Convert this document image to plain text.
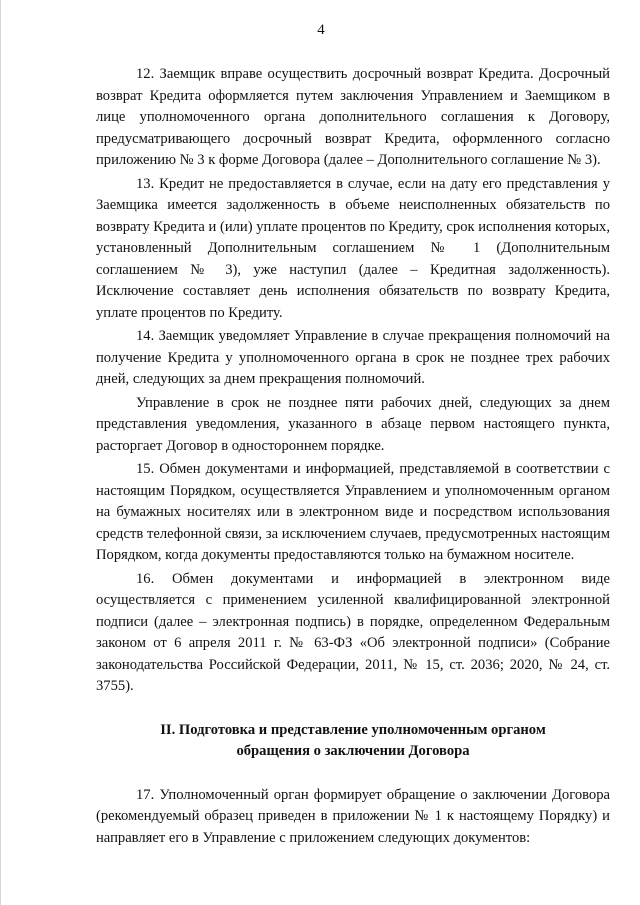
4

12. Заемщик вправе осуществить досрочный возврат Кредита. Досрочный возврат Кредита оформляется путем заключения Управлением и Заемщиком в лице уполномоченного органа дополнительного соглашения к Договору, предусматривающего досрочный возврат Кредита, оформленного согласно приложению № 3 к форме Договора (далее – Дополнительного соглашение № 3).

13. Кредит не предоставляется в случае, если на дату его представления у Заемщика имеется задолженность в объеме неисполненных обязательств по возврату Кредита и (или) уплате процентов по Кредиту, срок исполнения которых, установленный Дополнительным соглашением № 1 (Дополнительным соглашением № 3), уже наступил (далее – Кредитная задолженность). Исключение составляет день исполнения обязательств по возврату Кредита, уплате процентов по Кредиту.

14. Заемщик уведомляет Управление в случае прекращения полномочий на получение Кредита у уполномоченного органа в срок не позднее трех рабочих дней, следующих за днем прекращения полномочий.

Управление в срок не позднее пяти рабочих дней, следующих за днем представления уведомления, указанного в абзаце первом настоящего пункта, расторгает Договор в одностороннем порядке.

15. Обмен документами и информацией, представляемой в соответствии с настоящим Порядком, осуществляется Управлением и уполномоченным органом на бумажных носителях или в электронном виде и посредством использования средств телефонной связи, за исключением случаев, предусмотренных настоящим Порядком, когда документы предоставляются только на бумажном носителе.

16. Обмен документами и информацией в электронном виде осуществляется с применением усиленной квалифицированной электронной подписи (далее – электронная подпись) в порядке, определенном Федеральным законом от 6 апреля 2011 г. № 63-ФЗ «Об электронной подписи» (Собрание законодательства Российской Федерации, 2011, № 15, ст. 2036; 2020, № 24, ст. 3755).

II. Подготовка и представление уполномоченным органом
обращения о заключении Договора

17. Уполномоченный орган формирует обращение о заключении Договора (рекомендуемый образец приведен в приложении № 1 к настоящему Порядку) и направляет его в Управление с приложением следующих документов:
